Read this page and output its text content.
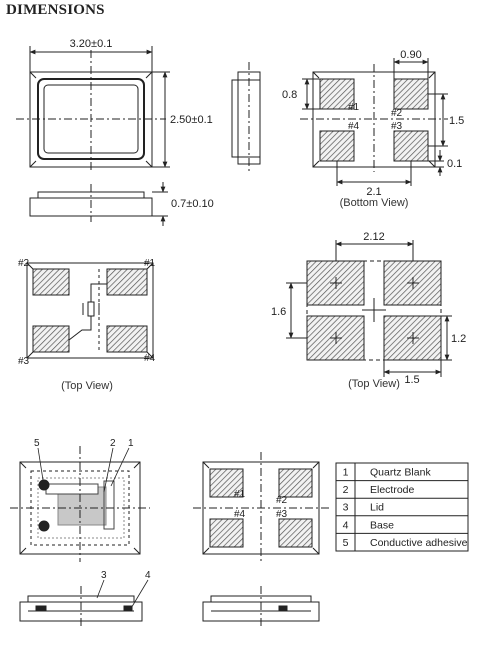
DIMENSIONS
3.20±0.1
2.50±0.1
0.7±0.10
0.90
0.8
1.5
0.1
2.1
(Bottom View)
#1
#2
#4	#3
#2	#1
#3	#4
(Top View)
2.12
1.6
1.2
1.5
(Top View)
5	2 1
3	4
#1
#2
#4	#3
1 Quartz Blank
2 Electrode
3 Lid
4 Base
5 Conductive adhesive
